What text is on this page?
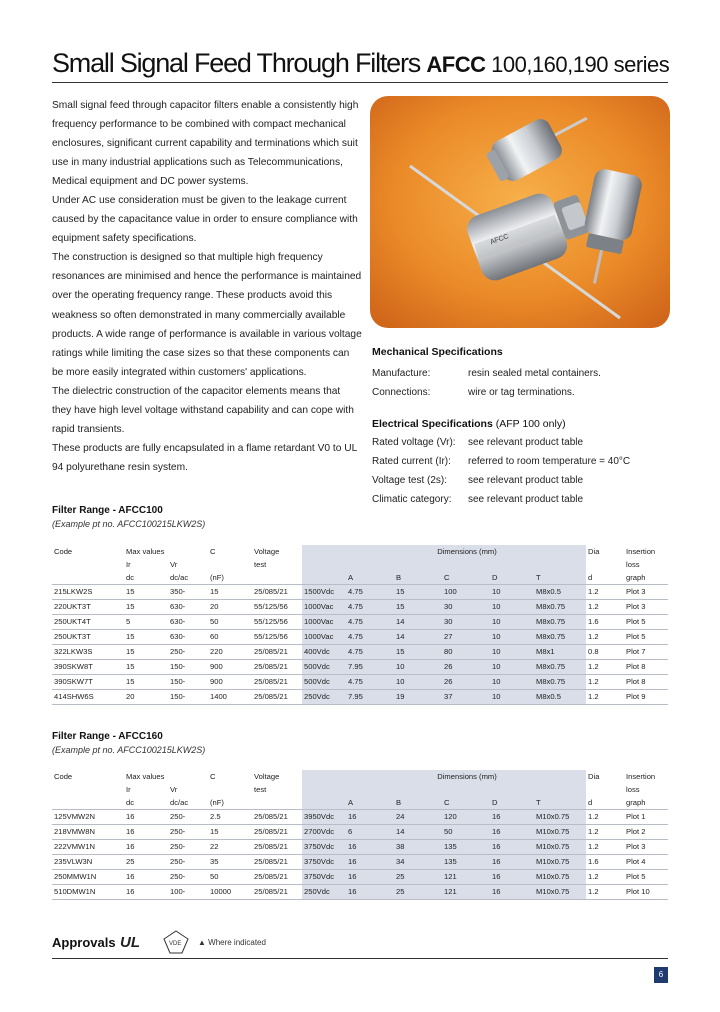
Small Signal Feed Through Filters AFCC 100,160,190 series

Small signal feed through capacitor filters enable a consistently high frequency performance to be combined with compact mechanical enclosures, significant current capability and terminations which suit use in many industrial applications such as Telecommunications, Medical equipment and DC power systems.

Under AC use consideration must be given to the leakage current caused by the capacitance value in order to ensure compliance with equipment safety specifications.

The construction is designed so that multiple high frequency resonances are minimised and hence the performance is maintained over the operating frequency range. These products avoid this weakness so often demonstrated in many commercially available products. A wide range of performance is available in various voltage ratings while limiting the case sizes so that these components can be more easily integrated within customers' applications.

The dielectric construction of the capacitor elements means that they have high level voltage withstand capability and can cope with rapid transients.

These products are fully encapsulated in a flame retardant V0 to UL 94 polyurethane resin system.

AFCC
Mechanical Specifications
Manufacture:	resin sealed metal containers.
Connections:	wire or tag terminations.
Electrical Specifications (AFP 100 only)
Rated voltage (Vr): see relevant product table
Rated current (Ir): referred to room temperature = 40°C
Voltage test (2s): see relevant product table
Climatic category: see relevant product table
Filter Range - AFCC100
(Example pt no. AFCC100215LKW2S)
Code	Max values		C	Voltage		Dimensions (mm)					Dia	Insertion
	Ir	Vr		test								loss
	dc	dc/ac	(nF)			A	B	C	D	T	d	graph
215LKW2S	15	350-	15	25/085/21	1500Vdc	4.75	15	100	10	M8x0.5	1.2	Plot 3
220UKT3T	15	630-	20	55/125/56	1000Vac	4.75	15	30	10	M8x0.75	1.2	Plot 3
250UKT4T	5	630-	50	55/125/56	1000Vac	4.75	14	30	10	M8x0.75	1.6	Plot 5
250UKT3T	15	630-	60	55/125/56	1000Vac	4.75	14	27	10	M8x0.75	1.2	Plot 5
322LKW3S	15	250-	220	25/085/21	400Vdc	4.75	15	80	10	M8x1	0.8	Plot 7
390SKW8T	15	150-	900	25/085/21	500Vdc	7.95	10	26	10	M8x0.75	1.2	Plot 8
390SKW7T	15	150-	900	25/085/21	500Vdc	4.75	10	26	10	M8x0.75	1.2	Plot 8
414SHW6S	20	150-	1400	25/085/21	250Vdc	7.95	19	37	10	M8x0.5	1.2	Plot 9
Filter Range - AFCC160
(Example pt no. AFCC100215LKW2S)
Code	Max values		C	Voltage		Dimensions (mm)					Dia	Insertion
	Ir	Vr		test								loss
	dc	dc/ac	(nF)			A	B	C	D	T	d	graph
125VMW2N	16	250-	2.5	25/085/21	3950Vdc	16	24	120	16	M10x0.75	1.2	Plot 1
218VMW8N	16	250-	15	25/085/21	2700Vdc	6	14	50	16	M10x0.75	1.2	Plot 2
222VMW1N	16	250-	22	25/085/21	3750Vdc	16	38	135	16	M10x0.75	1.2	Plot 3
235VLW3N	25	250-	35	25/085/21	3750Vdc	16	34	135	16	M10x0.75	1.6	Plot 4
250MMW1N	16	250-	50	25/085/21	3750Vdc	16	25	121	16	M10x0.75	1.2	Plot 5
510DMW1N	16	100-	10000	25/085/21	250Vdc	16	25	121	16	M10x0.75	1.2	Plot 10
Approvals UL	VDE ▲ Where indicated
6
